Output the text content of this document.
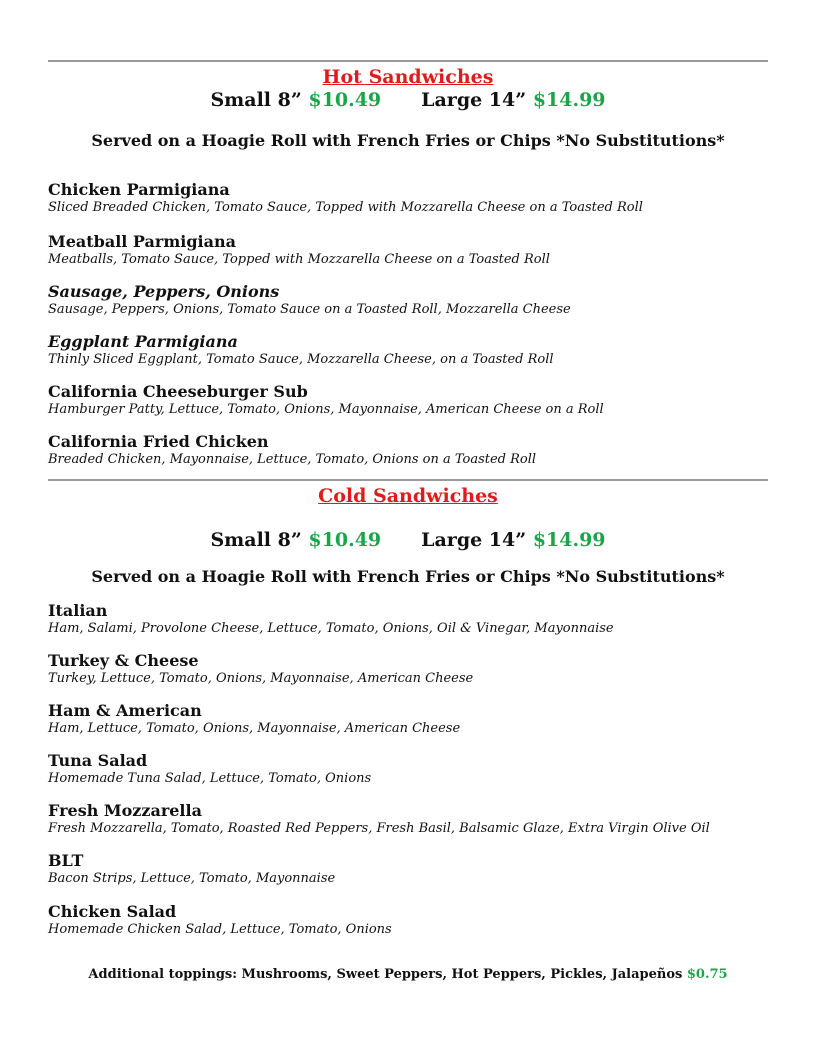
Hot Sandwiches
Small 8” $10.49 Large 14” $14.99
Served on a Hoagie Roll with French Fries or Chips *No Substitutions*
Chicken Parmigiana
Sliced Breaded Chicken, Tomato Sauce, Topped with Mozzarella Cheese on a Toasted Roll
Meatball Parmigiana
Meatballs, Tomato Sauce, Topped with Mozzarella Cheese on a Toasted Roll
Sausage, Peppers, Onions
Sausage, Peppers, Onions, Tomato Sauce on a Toasted Roll, Mozzarella Cheese
Eggplant Parmigiana
Thinly Sliced Eggplant, Tomato Sauce, Mozzarella Cheese, on a Toasted Roll
California Cheeseburger Sub
Hamburger Patty, Lettuce, Tomato, Onions, Mayonnaise, American Cheese on a Roll
California Fried Chicken
Breaded Chicken, Mayonnaise, Lettuce, Tomato, Onions on a Toasted Roll
Cold Sandwiches
Small 8” $10.49 Large 14” $14.99
Served on a Hoagie Roll with French Fries or Chips *No Substitutions*
Italian
Ham, Salami, Provolone Cheese, Lettuce, Tomato, Onions, Oil & Vinegar, Mayonnaise
Turkey & Cheese
Turkey, Lettuce, Tomato, Onions, Mayonnaise, American Cheese
Ham & American
Ham, Lettuce, Tomato, Onions, Mayonnaise, American Cheese
Tuna Salad
Homemade Tuna Salad, Lettuce, Tomato, Onions
Fresh Mozzarella
Fresh Mozzarella, Tomato, Roasted Red Peppers, Fresh Basil, Balsamic Glaze, Extra Virgin Olive Oil
BLT
Bacon Strips, Lettuce, Tomato, Mayonnaise
Chicken Salad
Homemade Chicken Salad, Lettuce, Tomato, Onions
Additional toppings: Mushrooms, Sweet Peppers, Hot Peppers, Pickles, Jalapeños $0.75
